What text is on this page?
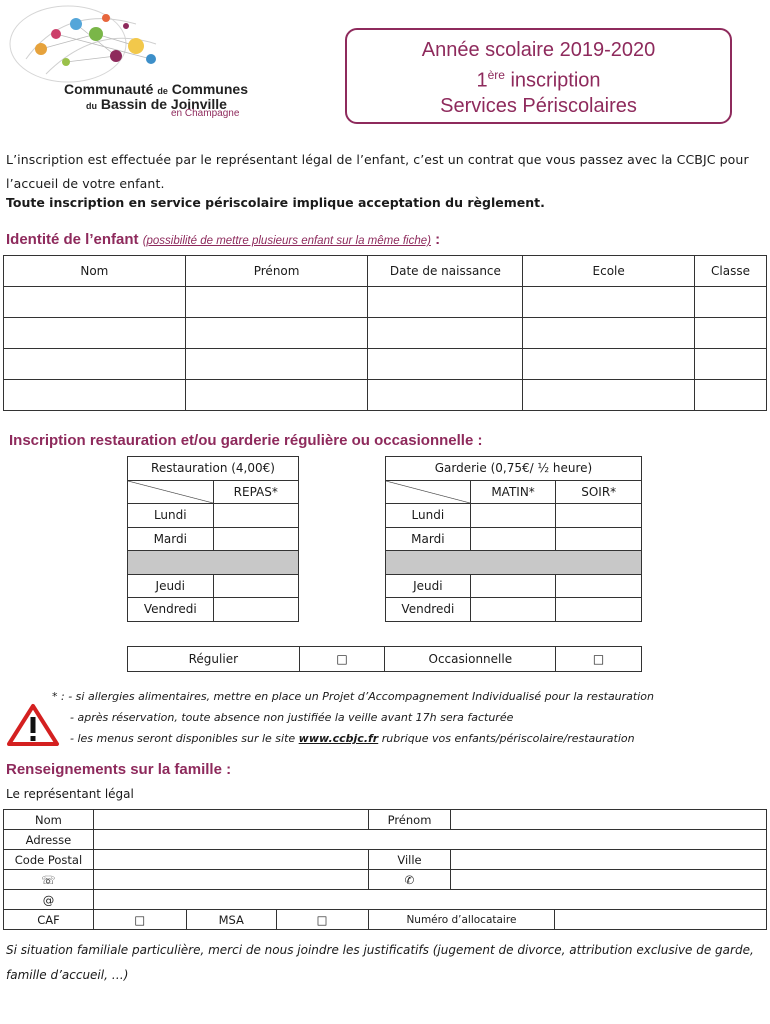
Communauté de Communes
du Bassin de Joinville
en Champagne
Année scolaire 2019-2020
1ère inscription
Services Périscolaires
L’inscription est effectuée par le représentant légal de l’enfant, c’est un contrat que vous passez avec la CCBJC pour l’accueil de votre enfant.
Toute inscription en service périscolaire implique acceptation du règlement.
Identité de l’enfant (possibilité de mettre plusieurs enfant sur la même fiche) :
Nom	Prénom	Date de naissance	Ecole	Classe

Inscription restauration et/ou garderie régulière ou occasionnelle :
Restauration (4,00€)	
	REPAS*
Lundi	
Mardi	

Jeudi	
Vendredi	
Garderie (0,75€/ ½ heure)		
	MATIN*	SOIR*
Lundi		
Mardi		

Jeudi		
Vendredi		
Régulier	□	Occasionnelle	□
* : - si allergies alimentaires, mettre en place un Projet d’Accompagnement Individualisé pour la restauration
- après réservation, toute absence non justifiée la veille avant 17h sera facturée
- les menus seront disponibles sur le site www.ccbjc.fr rubrique vos enfants/périscolaire/restauration
Renseignements sur la famille :
Le représentant légal
Nom				Prénom		
Adresse						
Code Postal				Ville		
☏				✆		
@						
CAF	□	MSA	□	Numéro d’allocataire		
Si situation familiale particulière, merci de nous joindre les justificatifs (jugement de divorce, attribution exclusive de garde, famille d’accueil, …)
